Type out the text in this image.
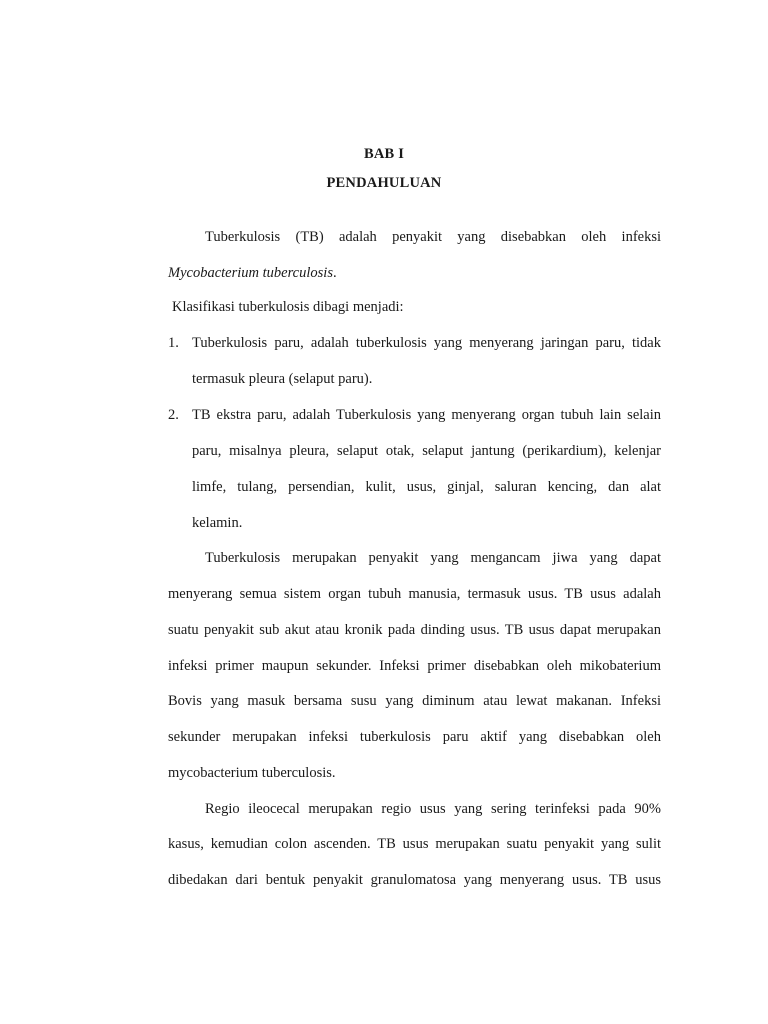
BAB I
PENDAHULUAN
Tuberkulosis (TB) adalah penyakit yang disebabkan oleh infeksi
Mycobacterium tuberculosis.
Klasifikasi tuberkulosis dibagi menjadi:
1. Tuberkulosis paru, adalah tuberkulosis yang menyerang jaringan paru, tidak
termasuk pleura (selaput paru).
2. TB ekstra paru, adalah Tuberkulosis yang menyerang organ tubuh lain selain
paru, misalnya pleura, selaput otak, selaput jantung (perikardium), kelenjar
limfe, tulang, persendian, kulit, usus, ginjal, saluran kencing, dan alat
kelamin.
Tuberkulosis merupakan penyakit yang mengancam jiwa yang dapat
menyerang semua sistem organ tubuh manusia, termasuk usus. TB usus adalah
suatu penyakit sub akut atau kronik pada dinding usus. TB usus dapat merupakan
infeksi primer maupun sekunder. Infeksi primer disebabkan oleh mikobaterium
Bovis yang masuk bersama susu yang diminum atau lewat makanan. Infeksi
sekunder merupakan infeksi tuberkulosis paru aktif yang disebabkan oleh
mycobacterium tuberculosis.
Regio ileocecal merupakan regio usus yang sering terinfeksi pada 90%
kasus, kemudian colon ascenden. TB usus merupakan suatu penyakit yang sulit
dibedakan dari bentuk penyakit granulomatosa yang menyerang usus. TB usus
